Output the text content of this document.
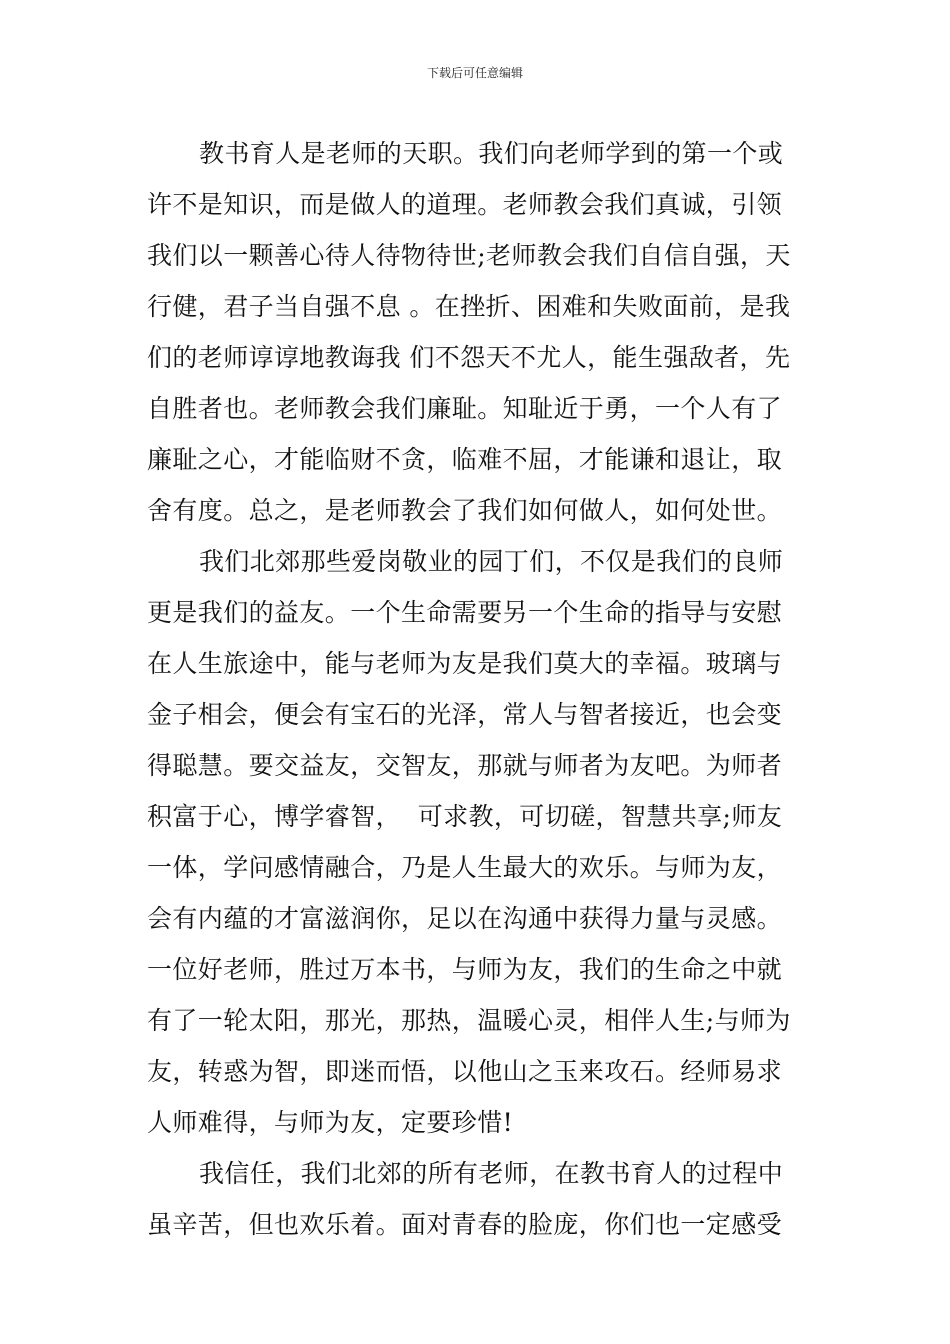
下载后可任意编辑
教书育人是老师的天职。我们向老师学到的第一个或
许不是知识，而是做人的道理。老师教会我们真诚，引领
我们以一颗善心待人待物待世;老师教会我们自信自强，天
行健，君子当自强不息 。在挫折、困难和失败面前，是我
们的老师谆谆地教诲我 们不怨天不尤人，能生强敌者，先
自胜者也。老师教会我们廉耻。知耻近于勇，一个人有了
廉耻之心，才能临财不贪，临难不屈，才能谦和退让，取
舍有度。总之，是老师教会了我们如何做人，如何处世。
我们北郊那些爱岗敬业的园丁们，不仅是我们的良师
更是我们的益友。一个生命需要另一个生命的指导与安慰
在人生旅途中，能与老师为友是我们莫大的幸福。玻璃与
金子相会，便会有宝石的光泽，常人与智者接近，也会变
得聪慧。要交益友，交智友，那就与师者为友吧。为师者
积富于心，博学睿智，  可求教，可切磋，智慧共享;师友
一体，学问感情融合，乃是人生最大的欢乐。与师为友，
会有内蕴的才富滋润你，足以在沟通中获得力量与灵感。
一位好老师，胜过万本书，与师为友，我们的生命之中就
有了一轮太阳，那光，那热，温暖心灵，相伴人生;与师为
友，转惑为智，即迷而悟，以他山之玉来攻石。经师易求
人师难得，与师为友，定要珍惜!
我信任，我们北郊的所有老师，在教书育人的过程中
虽辛苦，但也欢乐着。面对青春的脸庞，你们也一定感受
